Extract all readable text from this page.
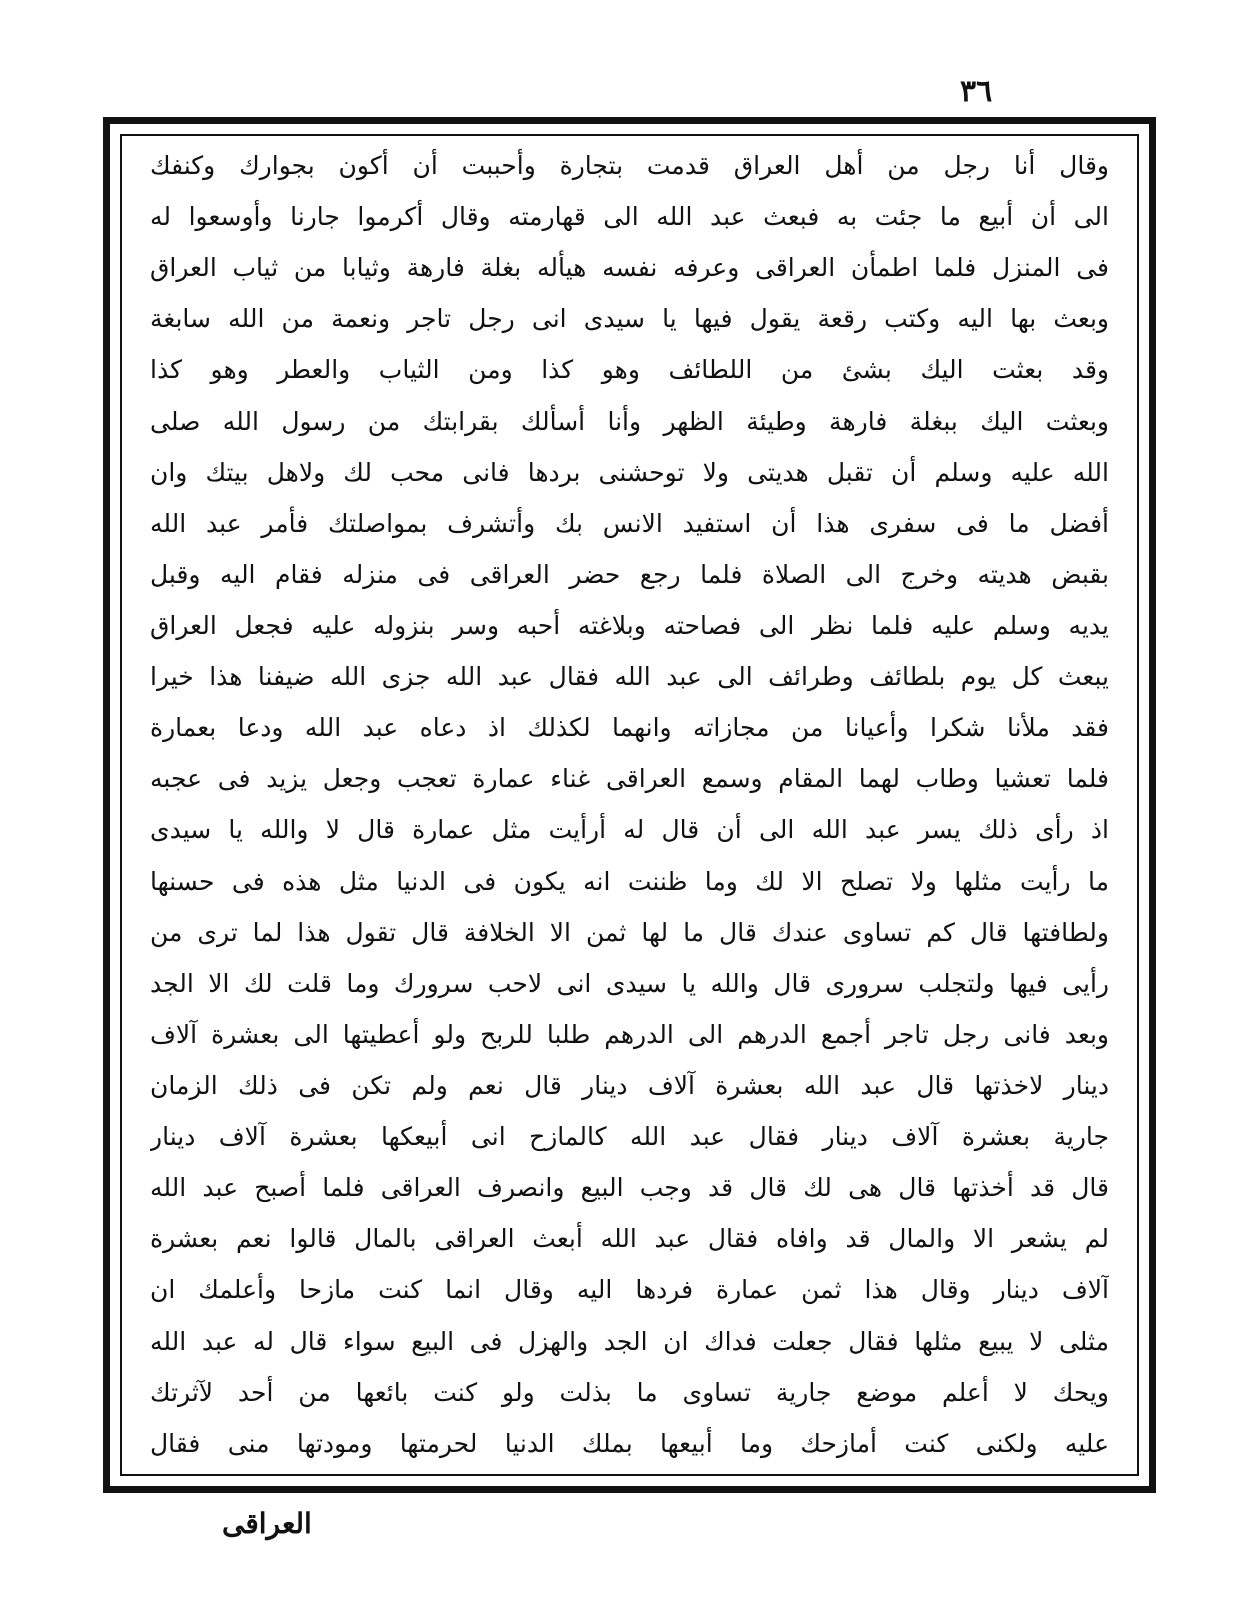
٣٦
وقال أنا رجل من أهل العراق قدمت بتجارة وأحببت أن أكون بجوارك وكنفك
الى أن أبيع ما جئت به فبعث عبد الله الى قهارمته وقال أكرموا جارنا وأوسعوا له
فى المنزل فلما اطمأن العراقى وعرفه نفسه هيأله بغلة فارهة وثيابا من ثياب العراق
وبعث بها اليه وكتب رقعة يقول فيها يا سيدى انى رجل تاجر ونعمة من الله سابغة
وقد بعثت اليك بشئ من اللطائف وهو كذا ومن الثياب والعطر وهو كذا
وبعثت اليك ببغلة فارهة وطيئة الظهر وأنا أسألك بقرابتك من رسول الله صلى
الله عليه وسلم أن تقبل هديتى ولا توحشنى بردها فانى محب لك ولاهل بيتك وان
أفضل ما فى سفرى هذا أن استفيد الانس بك وأتشرف بمواصلتك فأمر عبد الله
بقبض هديته وخرج الى الصلاة فلما رجع حضر العراقى فى منزله فقام اليه وقبل
يديه وسلم عليه فلما نظر الى فصاحته وبلاغته أحبه وسر بنزوله عليه فجعل العراق
يبعث كل يوم بلطائف وطرائف الى عبد الله فقال عبد الله جزى الله ضيفنا هذا خيرا
فقد ملأنا شكرا وأعيانا من مجازاته وانهما لكذلك اذ دعاه عبد الله ودعا بعمارة
فلما تعشيا وطاب لهما المقام وسمع العراقى غناء عمارة تعجب وجعل يزيد فى عجبه
اذ رأى ذلك يسر عبد الله الى أن قال له أرأيت مثل عمارة قال لا والله يا سيدى
ما رأيت مثلها ولا تصلح الا لك وما ظننت انه يكون فى الدنيا مثل هذه فى حسنها
ولطافتها قال كم تساوى عندك قال ما لها ثمن الا الخلافة قال تقول هذا لما ترى من
رأيى فيها ولتجلب سرورى قال والله يا سيدى انى لاحب سرورك وما قلت لك الا الجد
وبعد فانى رجل تاجر أجمع الدرهم الى الدرهم طلبا للربح ولو أعطيتها الى بعشرة آلاف
دينار لاخذتها قال عبد الله بعشرة آلاف دينار قال نعم ولم تكن فى ذلك الزمان
جارية بعشرة آلاف دينار فقال عبد الله كالمازح انى أبيعكها بعشرة آلاف دينار
قال قد أخذتها قال هى لك قال قد وجب البيع وانصرف العراقى فلما أصبح عبد الله
لم يشعر الا والمال قد وافاه فقال عبد الله أبعث العراقى بالمال قالوا نعم بعشرة
آلاف دينار وقال هذا ثمن عمارة فردها اليه وقال انما كنت مازحا وأعلمك ان
مثلى لا يبيع مثلها فقال جعلت فداك ان الجد والهزل فى البيع سواء قال له عبد الله
ويحك لا أعلم موضع جارية تساوى ما بذلت ولو كنت بائعها من أحد لآثرتك
عليه ولكنى كنت أمازحك وما أبيعها بملك الدنيا لحرمتها ومودتها منى فقال
العراقى
